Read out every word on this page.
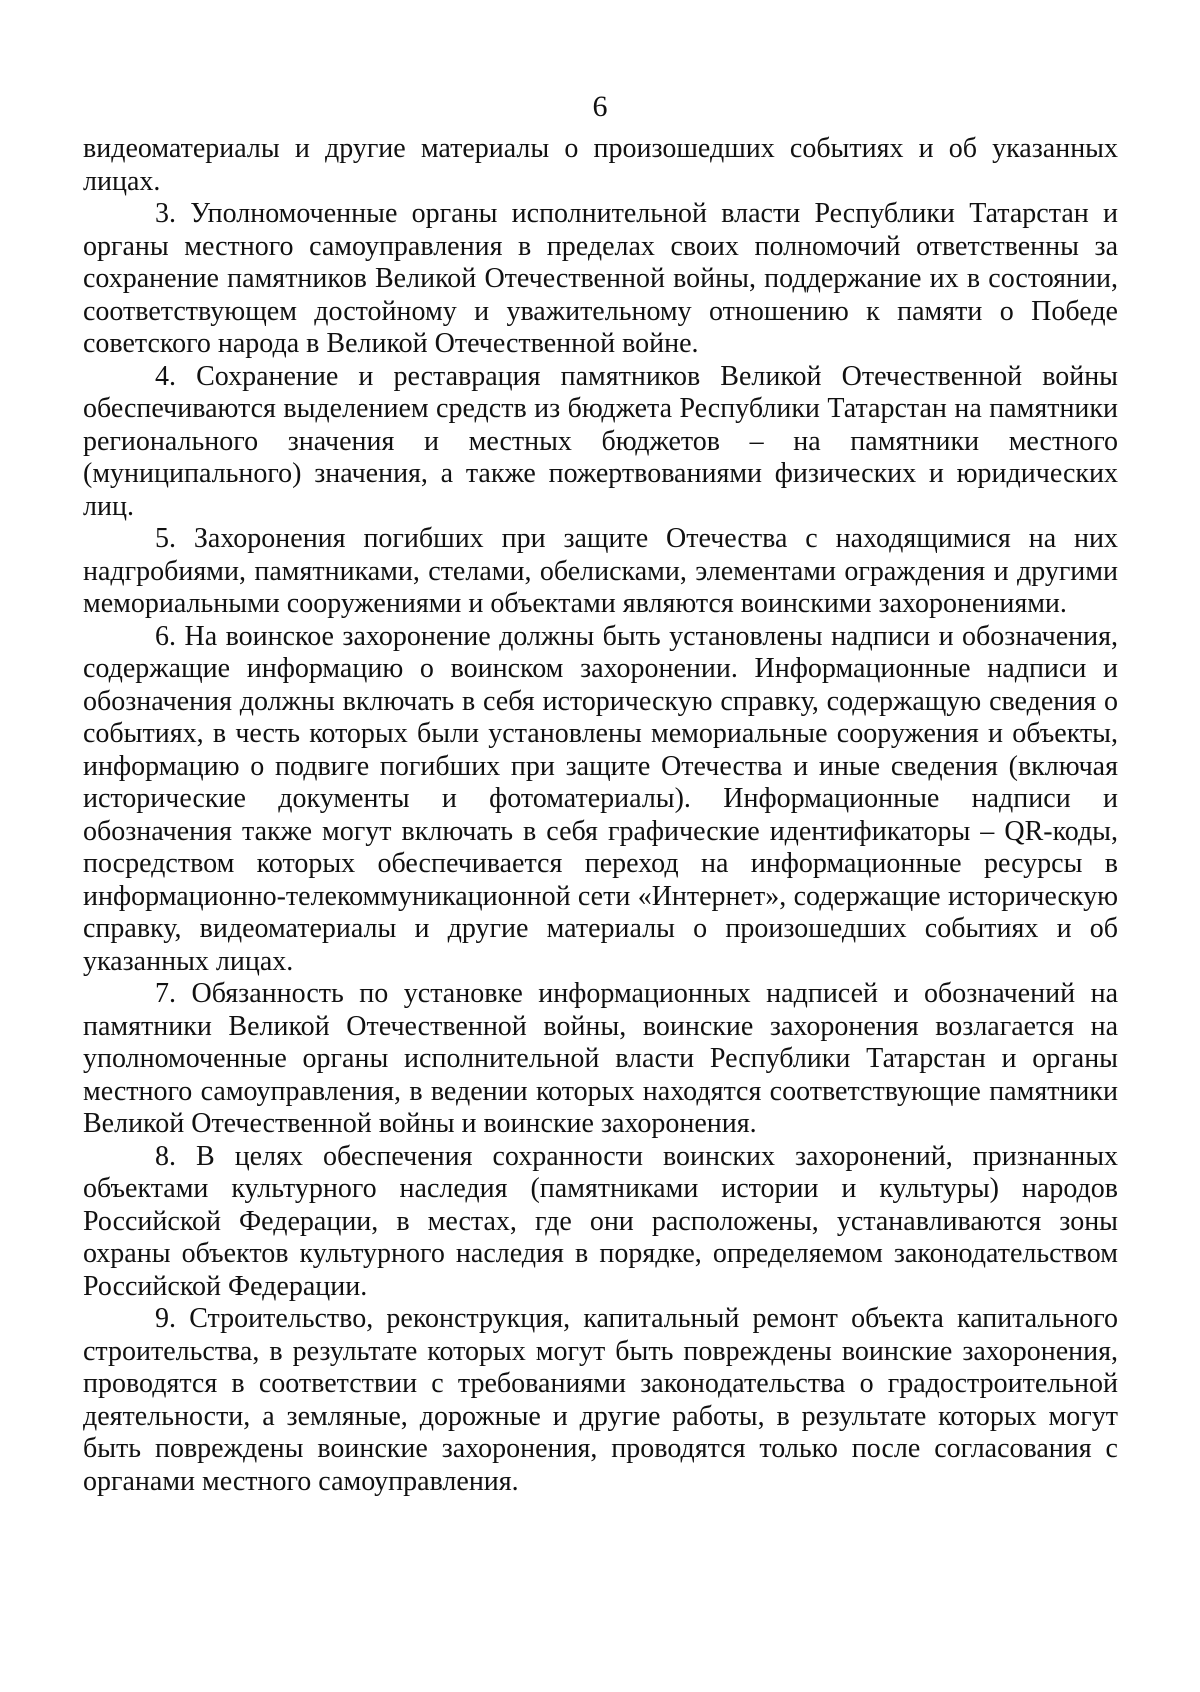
6

видеоматериалы и другие материалы о произошедших событиях и об указанных лицах.

3. Уполномоченные органы исполнительной власти Республики Татарстан и органы местного самоуправления в пределах своих полномочий ответственны за сохранение памятников Великой Отечественной войны, поддержание их в состоянии, соответствующем достойному и уважительному отношению к памяти о Победе советского народа в Великой Отечественной войне.

4. Сохранение и реставрация памятников Великой Отечественной войны обеспечиваются выделением средств из бюджета Республики Татарстан на памятники регионального значения и местных бюджетов – на памятники местного (муниципального) значения, а также пожертвованиями физических и юридических лиц.

5. Захоронения погибших при защите Отечества с находящимися на них надгробиями, памятниками, стелами, обелисками, элементами ограждения и другими мемориальными сооружениями и объектами являются воинскими захоронениями.

6. На воинское захоронение должны быть установлены надписи и обозначения, содержащие информацию о воинском захоронении. Информационные надписи и обозначения должны включать в себя историческую справку, содержащую сведения о событиях, в честь которых были установлены мемориальные сооружения и объекты, информацию о подвиге погибших при защите Отечества и иные сведения (включая исторические документы и фотоматериалы). Информационные надписи и обозначения также могут включать в себя графические идентификаторы – QR-коды, посредством которых обеспечивается переход на информационные ресурсы в информационно-телекоммуникационной сети «Интернет», содержащие историческую справку, видеоматериалы и другие материалы о произошедших событиях и об указанных лицах.

7. Обязанность по установке информационных надписей и обозначений на памятники Великой Отечественной войны, воинские захоронения возлагается на уполномоченные органы исполнительной власти Республики Татарстан и органы местного самоуправления, в ведении которых находятся соответствующие памятники Великой Отечественной войны и воинские захоронения.

8. В целях обеспечения сохранности воинских захоронений, признанных объектами культурного наследия (памятниками истории и культуры) народов Российской Федерации, в местах, где они расположены, устанавливаются зоны охраны объектов культурного наследия в порядке, определяемом законодательством Российской Федерации.

9. Строительство, реконструкция, капитальный ремонт объекта капитального строительства, в результате которых могут быть повреждены воинские захоронения, проводятся в соответствии с требованиями законодательства о градостроительной деятельности, а земляные, дорожные и другие работы, в результате которых могут быть повреждены воинские захоронения, проводятся только после согласования с органами местного самоуправления.
